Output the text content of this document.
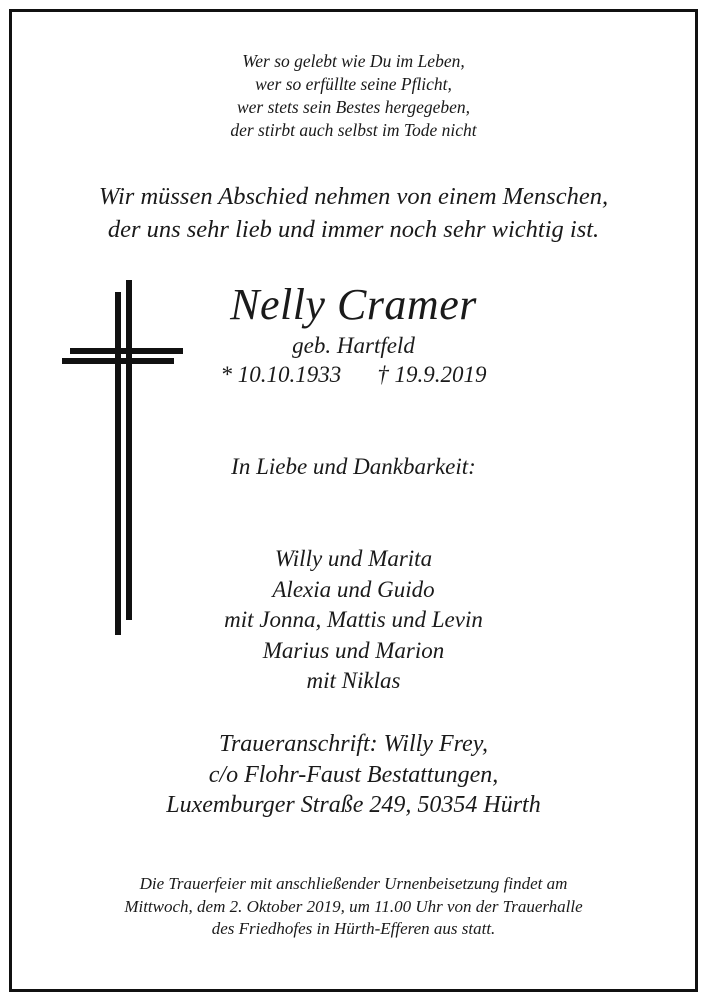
Wer so gelebt wie Du im Leben,
wer so erfüllte seine Pflicht,
wer stets sein Bestes hergegeben,
der stirbt auch selbst im Tode nicht
Wir müssen Abschied nehmen von einem Menschen,
der uns sehr lieb und immer noch sehr wichtig ist.
Nelly Cramer
geb. Hartfeld
* 10.10.1933 † 19.9.2019
In Liebe und Dankbarkeit:
Willy und Marita
Alexia und Guido
mit Jonna, Mattis und Levin
Marius und Marion
mit Niklas
Traueranschrift: Willy Frey,
c/o Flohr-Faust Bestattungen,
Luxemburger Straße 249, 50354 Hürth
Die Trauerfeier mit anschließender Urnenbeisetzung findet am
Mittwoch, dem 2. Oktober 2019, um 11.00 Uhr von der Trauerhalle
des Friedhofes in Hürth-Efferen aus statt.
